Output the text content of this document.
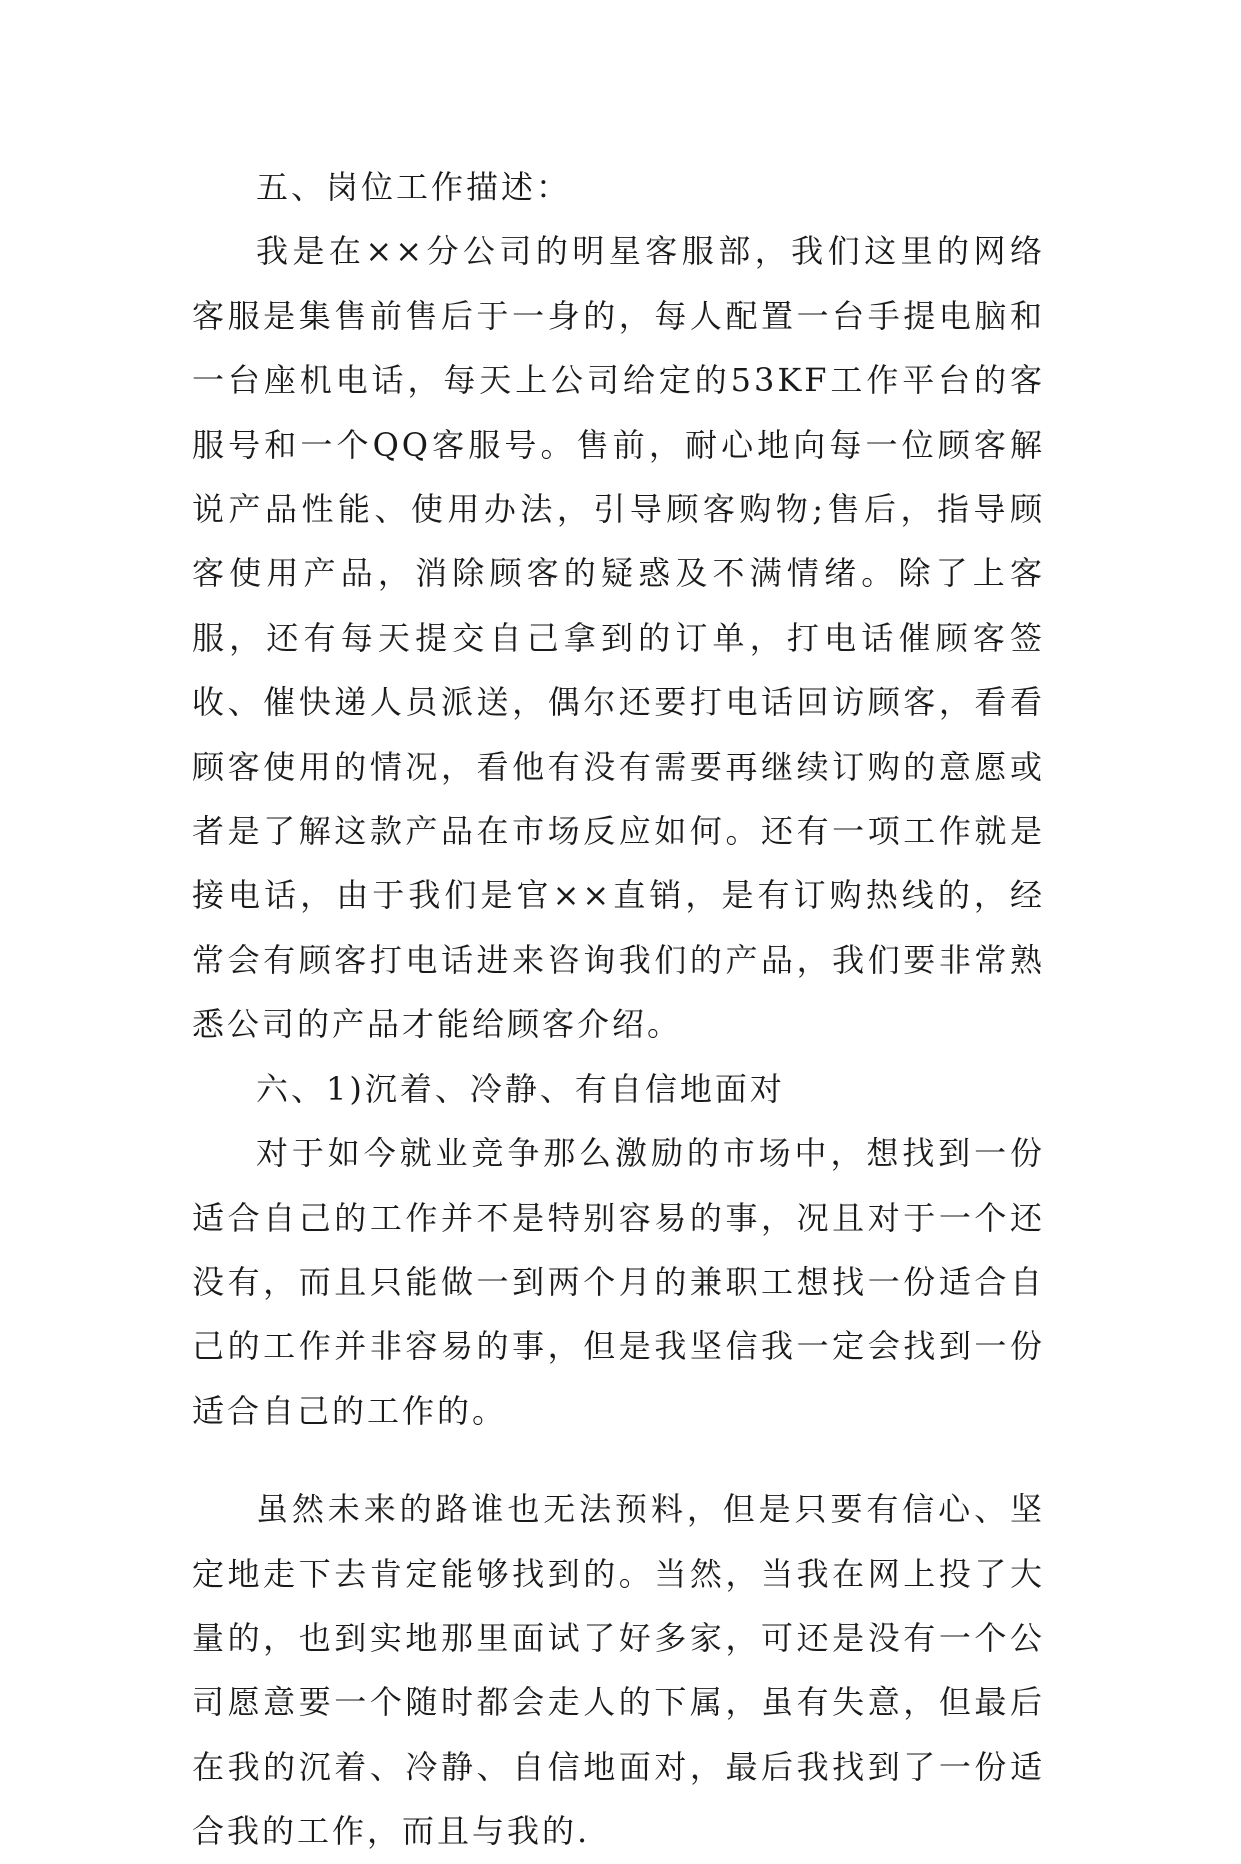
五、岗位工作描述：

我是在××分公司的明星客服部，我们这里的网络客服是集售前售后于一身的，每人配置一台手提电脑和一台座机电话，每天上公司给定的53KF工作平台的客服号和一个QQ客服号。售前，耐心地向每一位顾客解说产品性能、使用办法，引导顾客购物;售后，指导顾客使用产品，消除顾客的疑惑及不满情绪。除了上客服，还有每天提交自己拿到的订单，打电话催顾客签收、催快递人员派送，偶尔还要打电话回访顾客，看看顾客使用的情况，看他有没有需要再继续订购的意愿或者是了解这款产品在市场反应如何。还有一项工作就是接电话，由于我们是官××直销，是有订购热线的，经常会有顾客打电话进来咨询我们的产品，我们要非常熟悉公司的产品才能给顾客介绍。

六、1)沉着、冷静、有自信地面对

对于如今就业竞争那么激励的市场中，想找到一份适合自己的工作并不是特别容易的事，况且对于一个还没有，而且只能做一到两个月的兼职工想找一份适合自己的工作并非容易的事，但是我坚信我一定会找到一份适合自己的工作的。

虽然未来的路谁也无法预料，但是只要有信心、坚定地走下去肯定能够找到的。当然，当我在网上投了大量的，也到实地那里面试了好多家，可还是没有一个公司愿意要一个随时都会走人的下属，虽有失意，但最后在我的沉着、冷静、自信地面对，最后我找到了一份适合我的工作，而且与我的.
